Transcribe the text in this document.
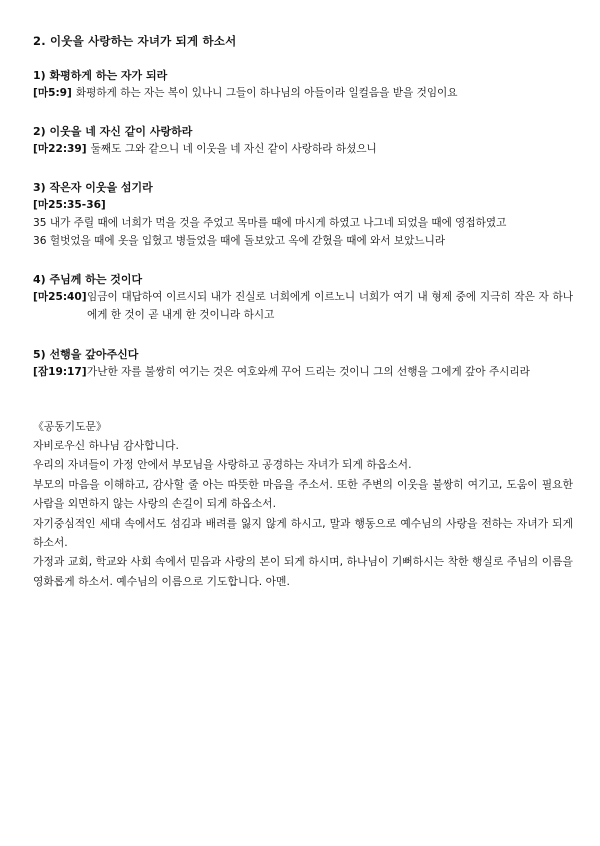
2. 이웃을 사랑하는 자녀가 되게 하소서
1) 화평하게 하는 자가 되라
[마5:9] 화평하게 하는 자는 복이 있나니 그들이 하나님의 아들이라 일컬음을 받을 것임이요
2) 이웃을 네 자신 같이 사랑하라
[마22:39] 둘째도 그와 같으니 네 이웃을 네 자신 같이 사랑하라 하셨으니
3) 작은자 이웃을 섬기라
[마25:35-36]
35 내가 주릴 때에 너희가 먹을 것을 주었고 목마를 때에 마시게 하였고 나그네 되었을 때에 영접하였고
36 헐벗었을 때에 옷을 입혔고 병들었을 때에 돌보았고 옥에 갇혔을 때에 와서 보았느니라
4) 주님께 하는 것이다
[마25:40] 임금이 대답하여 이르시되 내가 진실로 너희에게 이르노니 너희가 여기 내 형제 중에 지극히 작은 자 하나에게 한 것이 곧 내게 한 것이니라 하시고
5) 선행을 갚아주신다
[잠19:17] 가난한 자를 불쌍히 여기는 것은 여호와께 꾸어 드리는 것이니 그의 선행을 그에게 갚아 주시리라
《공동기도문》
자비로우신 하나님 감사합니다.
우리의 자녀들이 가정 안에서 부모님을 사랑하고 공경하는 자녀가 되게 하옵소서.
부모의 마음을 이해하고, 감사할 줄 아는 따뜻한 마음을 주소서. 또한 주변의 이웃을 불쌍히 여기고, 도움이 필요한 사람을 외면하지 않는 사랑의 손길이 되게 하옵소서.
자기중심적인 세대 속에서도 섬김과 배려를 잃지 않게 하시고, 말과 행동으로 예수님의 사랑을 전하는 자녀가 되게 하소서.
가정과 교회, 학교와 사회 속에서 믿음과 사랑의 본이 되게 하시며, 하나님이 기뻐하시는 착한 행실로 주님의 이름을 영화롭게 하소서. 예수님의 이름으로 기도합니다. 아멘.
